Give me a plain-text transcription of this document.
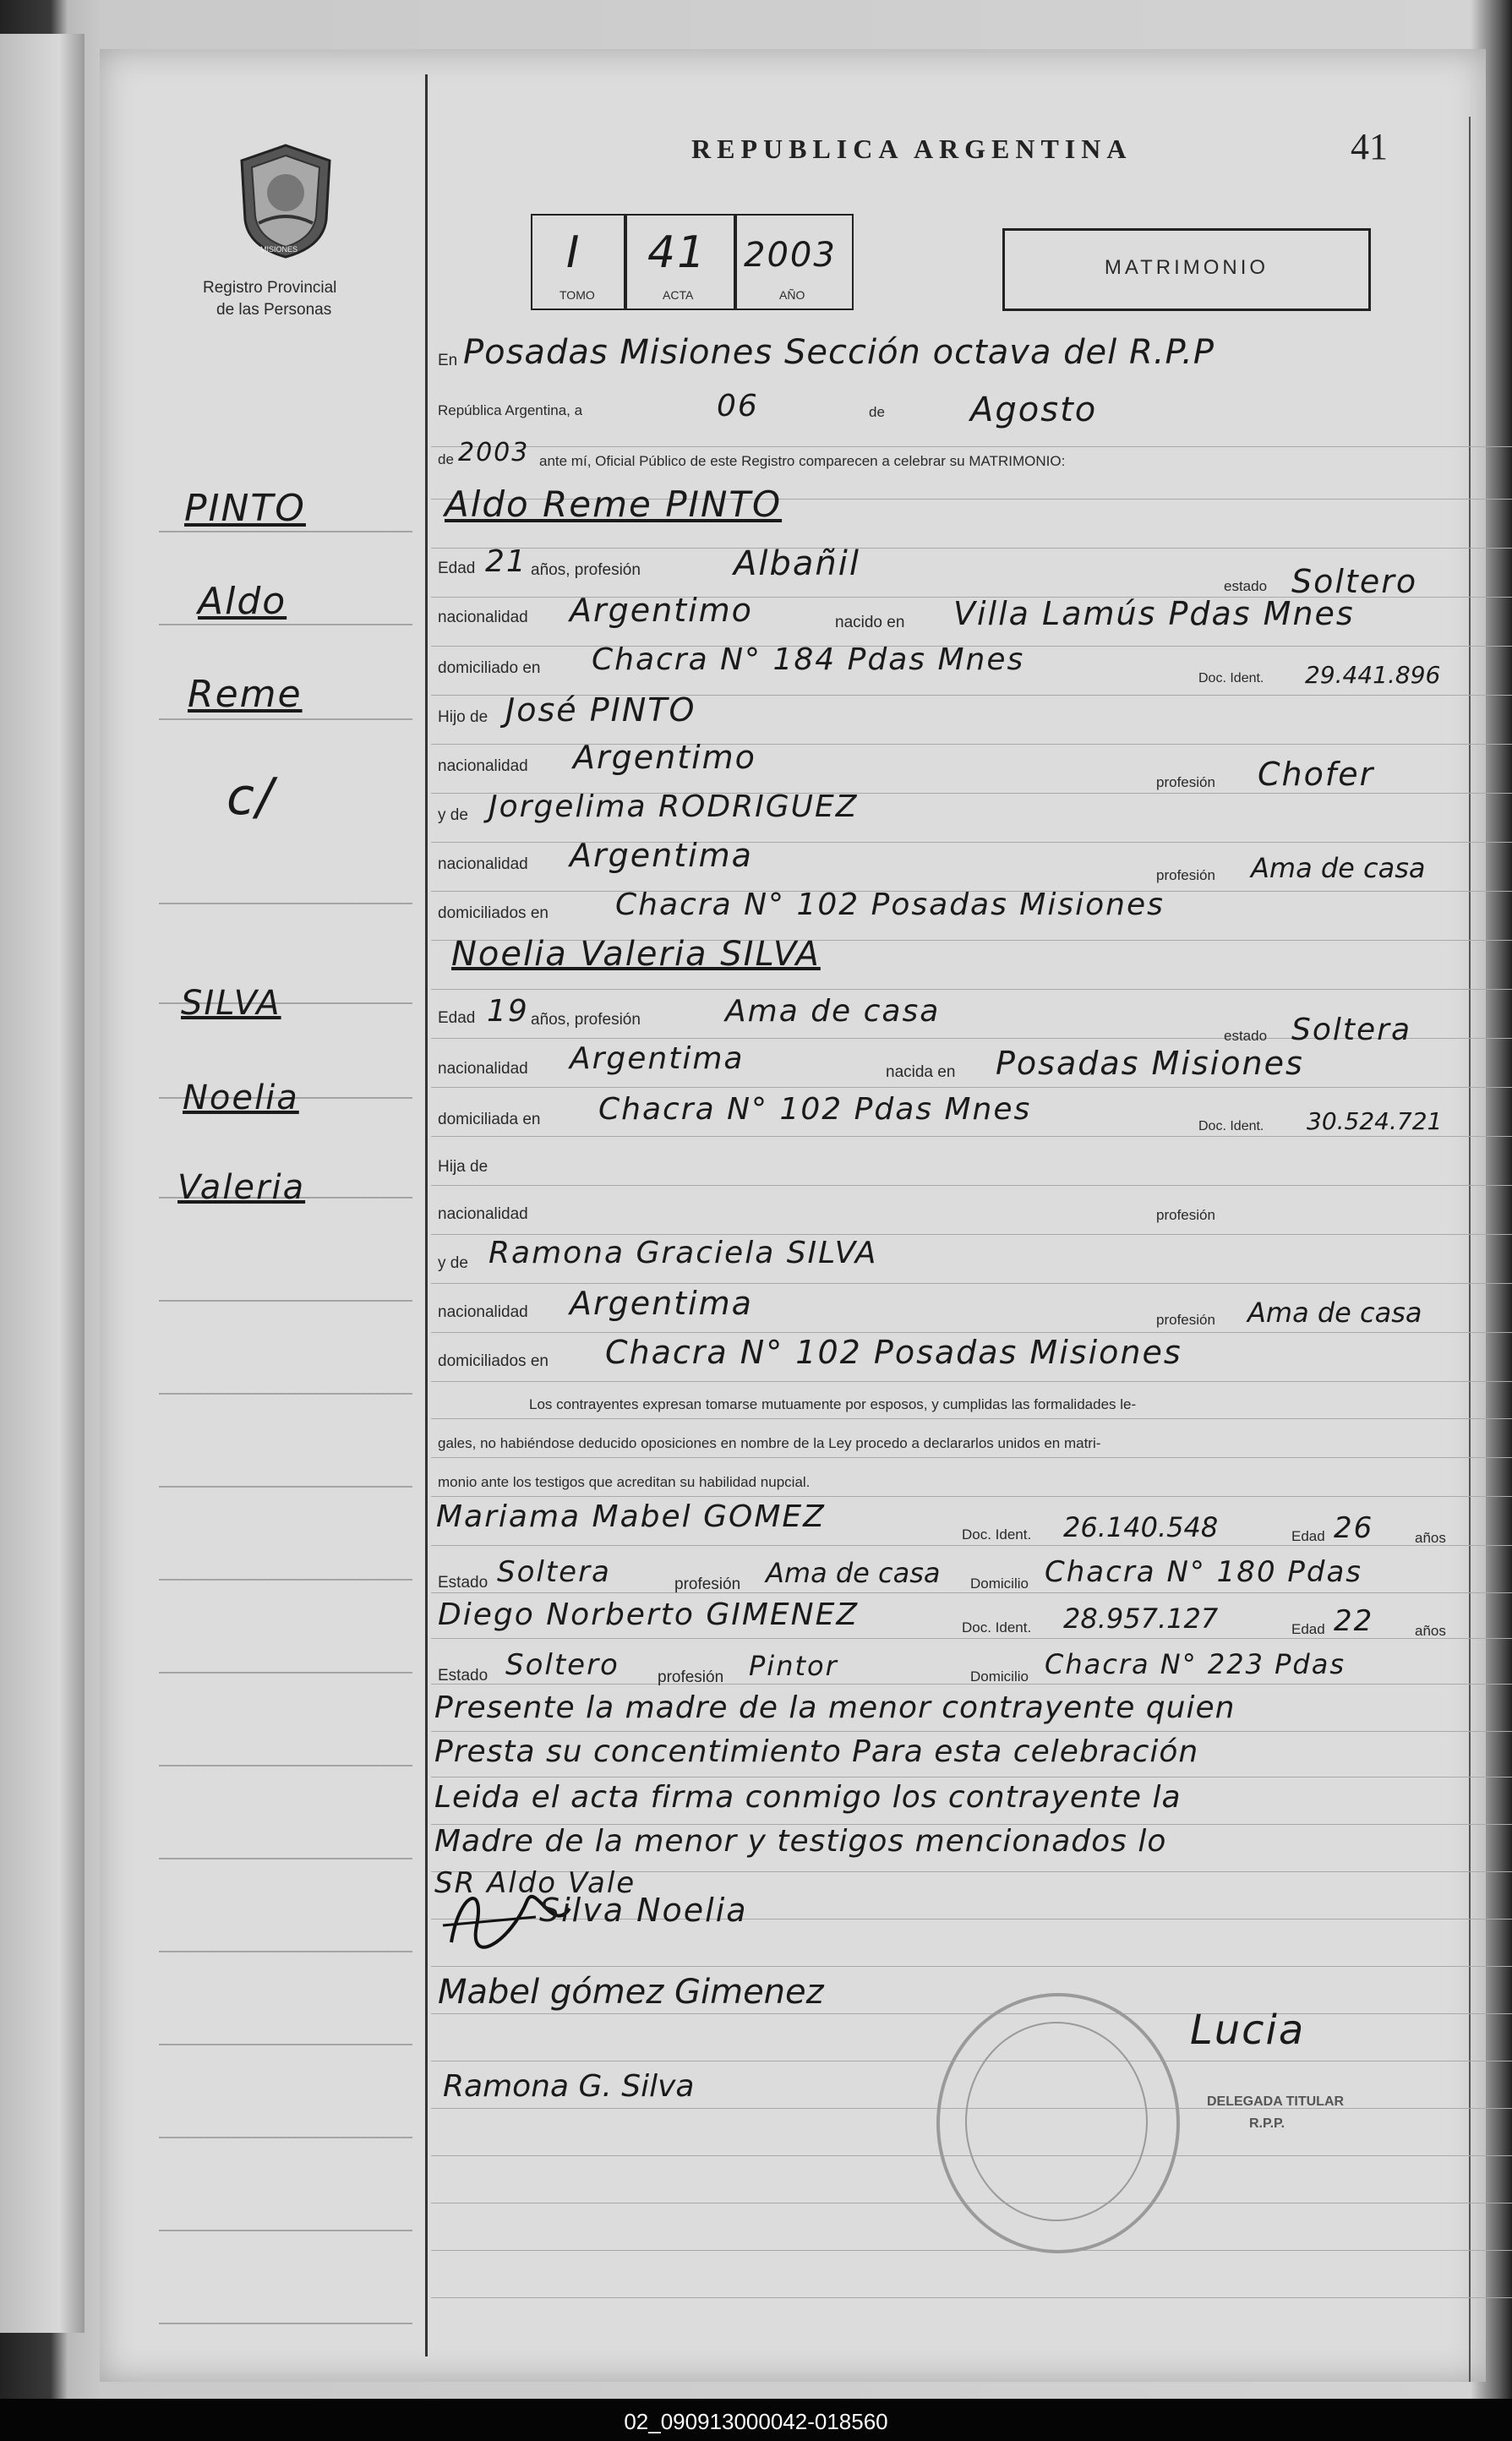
MISIONES
Registro Provincial
de las Personas
REPUBLICA ARGENTINA	41
I
TOMO
41
ACTA
2003
AÑO
MATRIMONIO
PINTO
Aldo
Reme
c/
SILVA
Noelia
Valeria
En Posadas Misiones Sección octava del R.P.P
República Argentina, a	06	de	Agosto
de 2003 ante mí, Oficial Público de este Registro comparecen a celebrar su MATRIMONIO:
Aldo Reme PINTO
Edad 21 años, profesión	Albañil
estado Soltero
nacionalidad Argentimo	nacido en Villa Lamús Pdas Mnes
domiciliado en Chacra N° 184 Pdas Mnes
Doc. Ident. 29.441.896
Hijo de José PINTO
nacionalidad Argentimo
profesión Chofer
y de Jorgelima RODRIGUEZ
nacionalidad Argentima
profesión Ama de casa
domiciliados en Chacra N° 102 Posadas Misiones
Noelia Valeria SILVA
Edad 19 años, profesión	Ama de casa
estado Soltera
nacionalidad Argentima	nacida en Posadas Misiones
domiciliada en Chacra N° 102 Pdas Mnes	Doc. Ident. 30.524.721
Hija de
nacionalidad	profesión
y de Ramona Graciela SILVA
nacionalidad Argentima	profesión Ama de casa
domiciliados en Chacra N° 102 Posadas Misiones
Los contrayentes expresan tomarse mutuamente por esposos, y cumplidas las formalidades le-
gales, no habiéndose deducido oposiciones en nombre de la Ley procedo a declararlos unidos en matri-
monio ante los testigos que acreditan su habilidad nupcial.
Mariama Mabel GOMEZ
Doc. Ident. 26.140.548	Edad 26	años
Estado Soltera	profesión Ama de casa Domicilio Chacra N° 180 Pdas
Diego Norberto GIMENEZ	Doc. Ident. 28.957.127	Edad 22	años
Estado Soltero profesión Pintor	Domicilio Chacra N° 223 Pdas
Presente la madre de la menor contrayente quien
Presta su concentimiento Para esta celebración
Leida el acta firma conmigo los contrayente la
Madre de la menor y testigos mencionados lo
SR Aldo Vale
Silva Noelia
Mabel gómez Gimenez
Ramona G. Silva
Lucia
DELEGADA TITULAR
R.P.P.
02_090913000042-018560
